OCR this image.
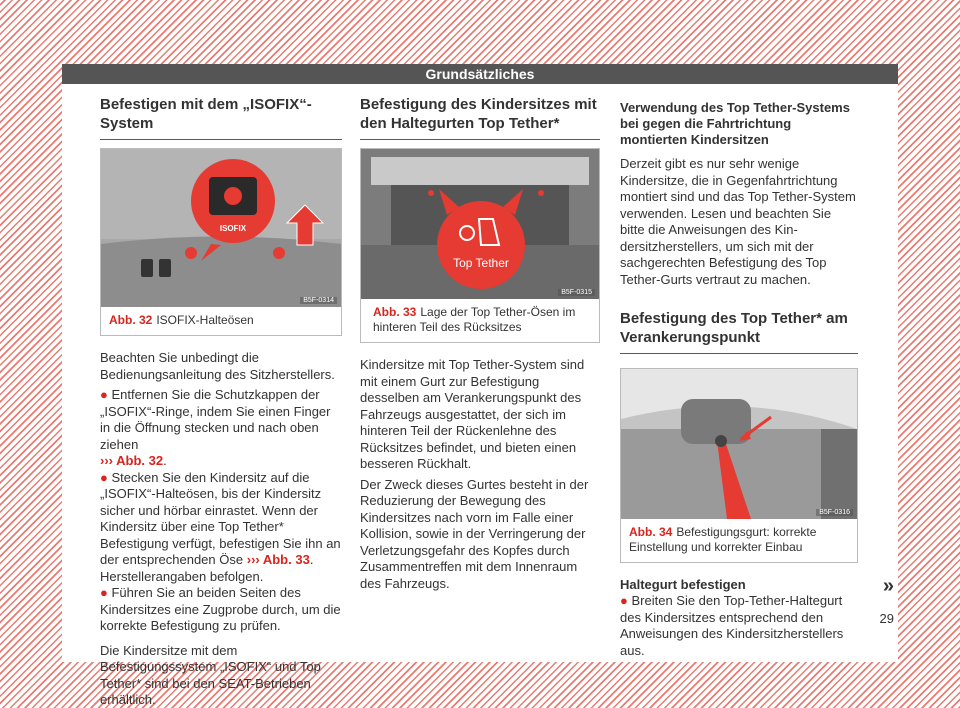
Grundsätzliches
Befestigen mit dem „ISOFIX“-System
ISOFIX
B5F-0314
Abb. 32 ISOFIX-Halteösen

Beachten Sie unbedingt die Bedienungsanleitung des Sitzherstellers.

● Entfernen Sie die Schutzkappen der „ISOFIX“-Ringe, indem Sie einen Finger in die Öffnung stecken und nach oben ziehen
››› Abb. 32.

● Stecken Sie den Kindersitz auf die „ISOFIX“-Halteösen, bis der Kindersitz sicher und hörbar einrastet. Wenn der Kindersitz über eine Top Tether* Befestigung verfügt, befestigen Sie ihn an der entsprechenden Öse ››› Abb. 33. Herstellerangaben befolgen.

● Führen Sie an beiden Seiten des Kindersitzes eine Zugprobe durch, um die korrekte Befestigung zu prüfen.

Die Kindersitze mit dem Befestigungssystem „ISOFIX“ und Top Tether* sind bei den SEAT-Betrieben erhältlich.

Befestigung des Kindersitzes mit den Haltegurten Top Tether*
Top Tether
B5F-0315
Abb. 33 Lage der Top Tether-Ösen im hinteren Teil des Rücksitzes

Kindersitze mit Top Tether-System sind mit einem Gurt zur Befestigung desselben am Verankerungspunkt des Fahrzeugs ausgestattet, der sich im hinteren Teil der Rückenlehne des Rücksitzes befindet, und bieten einen besseren Rückhalt.

Der Zweck dieses Gurtes besteht in der Reduzierung der Bewegung des Kindersitzes nach vorn im Falle einer Kollision, sowie in der Verringerung der Verletzungsgefahr des Kopfes durch Zusammentreffen mit dem Innenraum des Fahrzeugs.

Verwendung des Top Tether-Systems bei gegen die Fahrtrichtung montierten Kindersitzen

Derzeit gibt es nur sehr wenige Kindersitze, die in Gegenfahrtrichtung montiert sind und das Top Tether-System verwenden. Lesen und beachten Sie bitte die Anweisungen des Kindersitzherstellers, um sich mit der sachgerechten Befestigung des Top Tether-Gurts vertraut zu machen.

Befestigung des Top Tether* am Verankerungspunkt
B5F-0316
Abb. 34 Befestigungsgurt: korrekte Einstellung und korrekter Einbau
Haltegurt befestigen

● Breiten Sie den Top-Tether-Haltegurt des Kindersitzes entsprechend den Anweisungen des Kindersitzherstellers aus.

»
29
